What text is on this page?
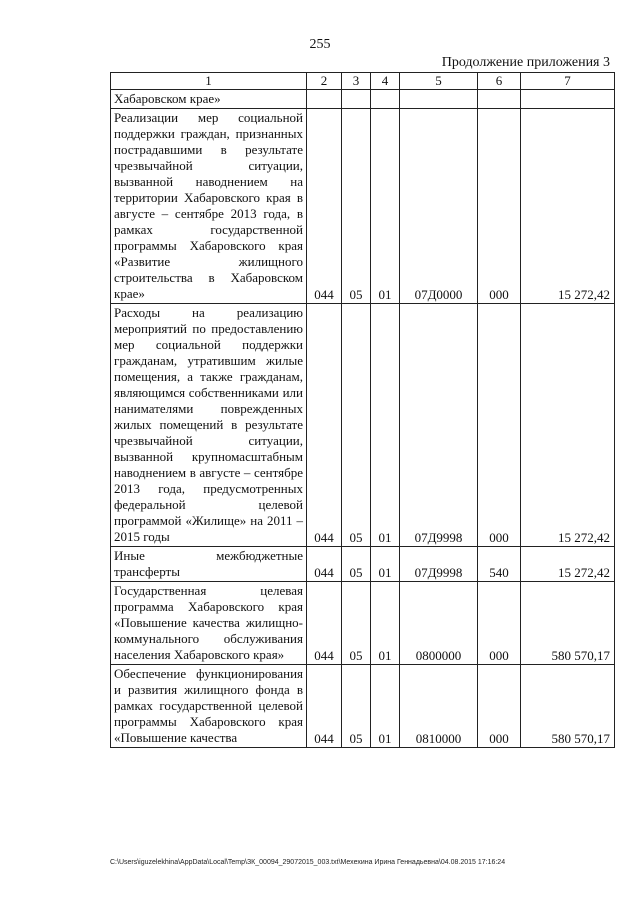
255
Продолжение приложения 3
1	2	3	4	5	6	7
Хабаровском крае»						
Реализации мер социальной поддержки граждан, признанных пострадавшими в результате чрезвычайной ситуации, вызванной наводнением на территории Хабаровского края в августе – сентябре 2013 года, в рамках государственной программы Хабаровского края «Развитие жилищного строительства в Хабаровском крае»	044	05	01	07Д0000	000	15 272,42
Расходы на реализацию мероприятий по предоставлению мер социальной поддержки гражданам, утратившим жилые помещения, а также гражданам, являющимся собственниками или нанимателями поврежденных жилых помещений в результате чрезвычайной ситуации, вызванной крупномасштабным наводнением в августе – сентябре 2013 года, предусмотренных федеральной целевой программой «Жилище» на 2011 – 2015 годы	044	05	01	07Д9998	000	15 272,42
Иные межбюджетные трансферты	044	05	01	07Д9998	540	15 272,42
Государственная целевая программа Хабаровского края «Повышение качества жилищно-коммунального обслуживания населения Хабаровского края»	044	05	01	0800000	000	580 570,17
Обеспечение функционирования и развития жилищного фонда в рамках государственной целевой программы Хабаровского края «Повышение качества	044	05	01	0810000	000	580 570,17
C:\Users\iguzelekhina\AppData\Local\Temp\ЗК_00094_29072015_003.txt\Мехехина Ирина Геннадьевна\04.08.2015 17:16:24
